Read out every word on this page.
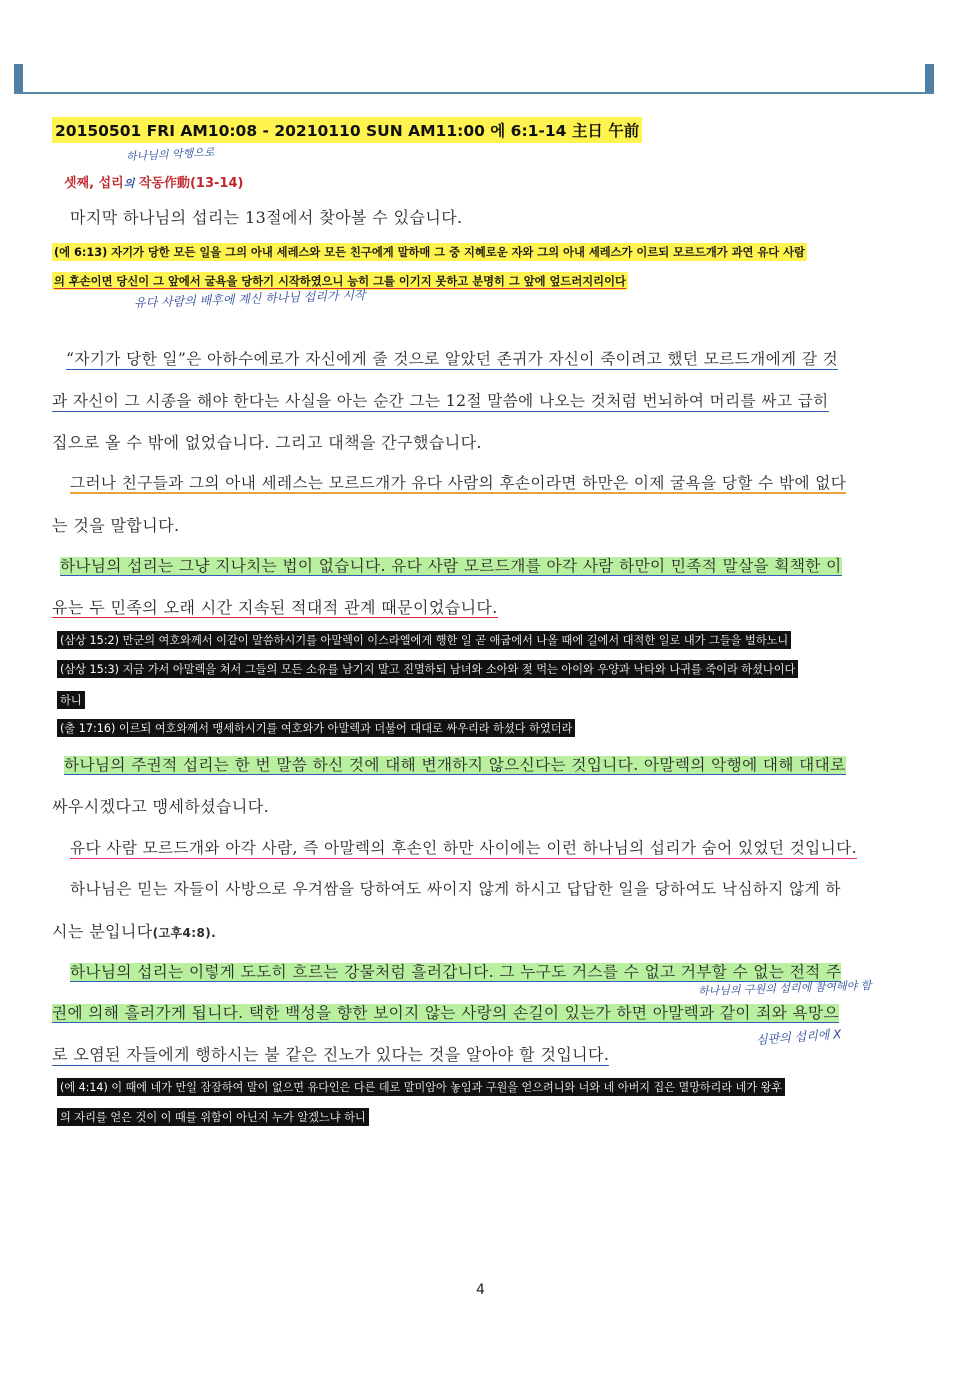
20150501 FRI AM10:08 - 20210110 SUN AM11:00 에 6:1-14 主日 午前
하나님의 악행으로
셋째, 섭리의 작동作動(13-14)
마지막 하나님의 섭리는 13절에서 찾아볼 수 있습니다.
(에 6:13) 자기가 당한 모든 일을 그의 아내 세레스와 모든 친구에게 말하매 그 중 지혜로운 자와 그의 아내 세레스가 이르되 모르드개가 과연 유다 사람
의 후손이면 당신이 그 앞에서 굴욕을 당하기 시작하였으니 능히 그를 이기지 못하고 분명히 그 앞에 엎드러지리이다
유다 사람의 배후에 계신 하나님 섭리가 시작
“자기가 당한 일”은 아하수에로가 자신에게 줄 것으로 알았던 존귀가 자신이 죽이려고 했던 모르드개에게 갈 것
과 자신이 그 시종을 해야 한다는 사실을 아는 순간 그는 12절 말씀에 나오는 것처럼 번뇌하여 머리를 싸고 급히
집으로 올 수 밖에 없었습니다. 그리고 대책을 간구했습니다.
그러나 친구들과 그의 아내 세레스는 모르드개가 유다 사람의 후손이라면 하만은 이제 굴욕을 당할 수 밖에 없다
는 것을 말합니다.
하나님의 섭리는 그냥 지나치는 법이 없습니다. 유다 사람 모르드개를 아각 사람 하만이 민족적 말살을 획책한 이
유는 두 민족의 오래 시간 지속된 적대적 관계 때문이었습니다.
(삼상 15:2) 만군의 여호와께서 이같이 말씀하시기를 아말렉이 이스라엘에게 행한 일 곧 애굽에서 나올 때에 길에서 대적한 일로 내가 그들을 벌하노니
(삼상 15:3) 지금 가서 아말렉을 쳐서 그들의 모든 소유를 남기지 말고 진멸하되 남녀와 소아와 젖 먹는 아이와 우양과 낙타와 나귀를 죽이라 하셨나이다
하니
(출 17:16) 이르되 여호와께서 맹세하시기를 여호와가 아말렉과 더불어 대대로 싸우리라 하셨다 하였더라
하나님의 주권적 섭리는 한 번 말씀 하신 것에 대해 변개하지 않으신다는 것입니다. 아말렉의 악행에 대해 대대로
싸우시겠다고 맹세하셨습니다.
유다 사람 모르드개와 아각 사람, 즉 아말렉의 후손인 하만 사이에는 이런 하나님의 섭리가 숨어 있었던 것입니다.
하나님은 믿는 자들이 사방으로 우겨쌈을 당하여도 싸이지 않게 하시고 답답한 일을 당하여도 낙심하지 않게 하
시는 분입니다(고후4:8).
하나님의 섭리는 이렇게 도도히 흐르는 강물처럼 흘러갑니다. 그 누구도 거스를 수 없고 거부할 수 없는 전적 주
하나님의 구원의 섭리에 참여해야 함
권에 의해 흘러가게 됩니다. 택한 백성을 향한 보이지 않는 사랑의 손길이 있는가 하면 아말렉과 같이 죄와 욕망으
심판의 섭리에 X
로 오염된 자들에게 행하시는 불 같은 진노가 있다는 것을 알아야 할 것입니다.
(에 4:14) 이 때에 네가 만일 잠잠하여 말이 없으면 유다인은 다른 데로 말미암아 놓임과 구원을 얻으려니와 너와 네 아버지 집은 멸망하리라 네가 왕후
의 자리를 얻은 것이 이 때를 위함이 아닌지 누가 알겠느냐 하니
4
